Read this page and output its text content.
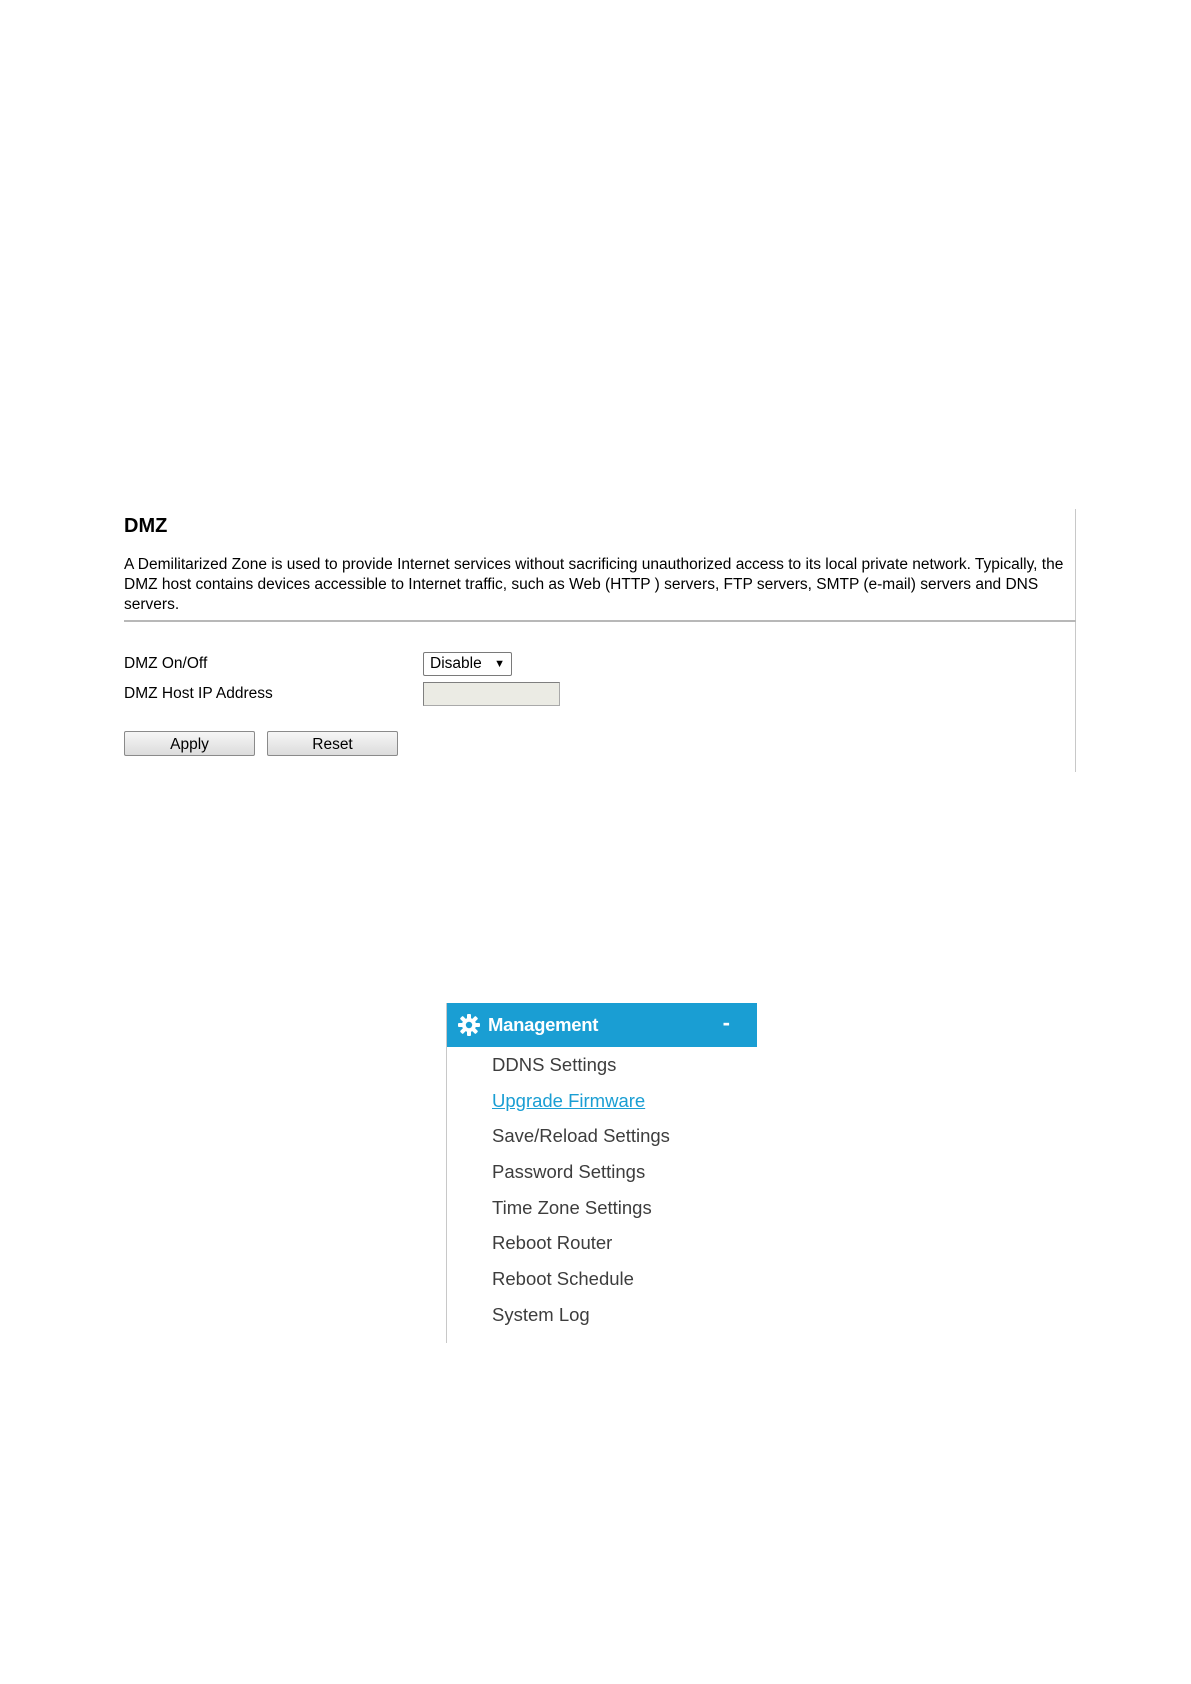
DMZ

A Demilitarized Zone is used to provide Internet services without sacrificing unauthorized access to its local private network. Typically, the DMZ host contains devices accessible to Internet traffic, such as Web (HTTP ) servers, FTP servers, SMTP (e-mail) servers and DNS servers.

DMZ On/Off	Disable ▼
DMZ Host IP Address
Apply	Reset
Management	-
DDNS Settings
Upgrade Firmware
Save/Reload Settings
Password Settings
Time Zone Settings
Reboot Router
Reboot Schedule
System Log
